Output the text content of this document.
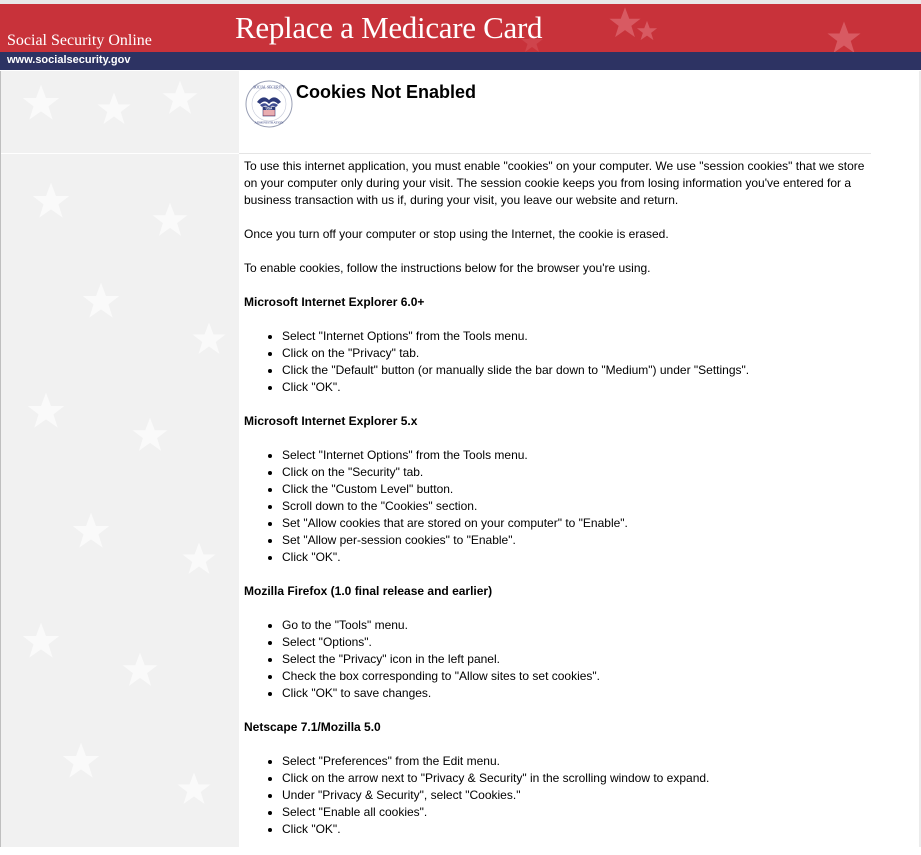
Social Security Online	Replace a Medicare Card
www.socialsecurity.gov
USA
SOCIAL SECURITY
ADMINISTRATION
Cookies Not Enabled

To use this internet application, you must enable "cookies" on your computer. We use "session cookies" that we store on your computer only during your visit. The session cookie keeps you from losing information you've entered for a business transaction with us if, during your visit, you leave our website and return.

Once you turn off your computer or stop using the Internet, the cookie is erased.

To enable cookies, follow the instructions below for the browser you're using.

Microsoft Internet Explorer 6.0+
• Select "Internet Options" from the Tools menu.
• Click on the "Privacy" tab.
• Click the "Default" button (or manually slide the bar down to "Medium") under "Settings".
• Click "OK".
Microsoft Internet Explorer 5.x
• Select "Internet Options" from the Tools menu.
• Click on the "Security" tab.
• Click the "Custom Level" button.
• Scroll down to the "Cookies" section.
• Set "Allow cookies that are stored on your computer" to "Enable".
• Set "Allow per-session cookies" to "Enable".
• Click "OK".
Mozilla Firefox (1.0 final release and earlier)
• Go to the "Tools" menu.
• Select "Options".
• Select the "Privacy" icon in the left panel.
• Check the box corresponding to "Allow sites to set cookies".
• Click "OK" to save changes.
Netscape 7.1/Mozilla 5.0
• Select "Preferences" from the Edit menu.
• Click on the arrow next to "Privacy & Security" in the scrolling window to expand.
• Under "Privacy & Security", select "Cookies."
• Select "Enable all cookies".
• Click "OK".
